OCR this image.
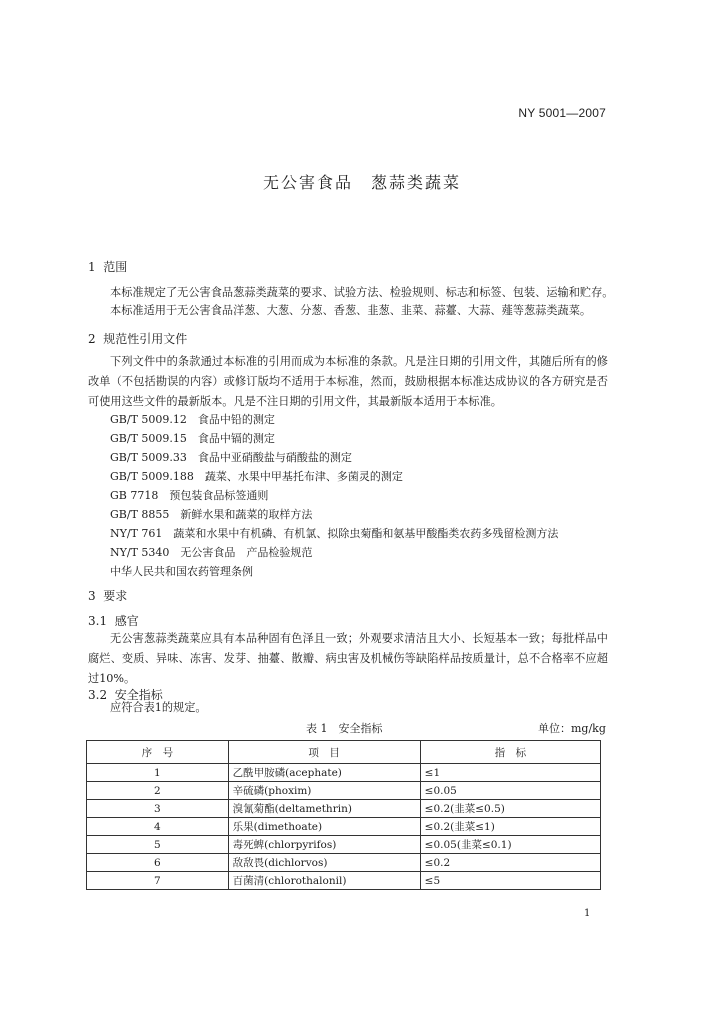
NY 5001—2007
无公害食品　葱蒜类蔬菜
1 范围
本标准规定了无公害食品葱蒜类蔬菜的要求、试验方法、检验规则、标志和标签、包装、运输和贮存。
本标准适用于无公害食品洋葱、大葱、分葱、香葱、韭葱、韭菜、蒜薹、大蒜、薤等葱蒜类蔬菜。
2 规范性引用文件
下列文件中的条款通过本标准的引用而成为本标准的条款。凡是注日期的引用文件，其随后所有的修改单（不包括勘误的内容）或修订版均不适用于本标准，然而，鼓励根据本标准达成协议的各方研究是否可使用这些文件的最新版本。凡是不注日期的引用文件，其最新版本适用于本标准。
GB/T 5009.12　食品中铅的测定
GB/T 5009.15　食品中镉的测定
GB/T 5009.33　食品中亚硝酸盐与硝酸盐的测定
GB/T 5009.188　蔬菜、水果中甲基托布津、多菌灵的测定
GB 7718　预包装食品标签通则
GB/T 8855　新鲜水果和蔬菜的取样方法
NY/T 761　蔬菜和水果中有机磷、有机氯、拟除虫菊酯和氨基甲酸酯类农药多残留检测方法
NY/T 5340　无公害食品　产品检验规范
中华人民共和国农药管理条例
3 要求
3.1 感官
无公害葱蒜类蔬菜应具有本品种固有色泽且一致；外观要求清洁且大小、长短基本一致；每批样品中腐烂、变质、异味、冻害、发芽、抽薹、散瓣、病虫害及机械伤等缺陷样品按质量计，总不合格率不应超过10%。
3.2 安全指标
应符合表1的规定。
表 1　安全指标	单位：mg/kg
序　号	项　目	指　标
1	乙酰甲胺磷(acephate)	≤1
2	辛硫磷(phoxim)	≤0.05
3	溴氰菊酯(deltamethrin)	≤0.2(韭菜≤0.5)
4	乐果(dimethoate)	≤0.2(韭菜≤1)
5	毒死蜱(chlorpyrifos)	≤0.05(韭菜≤0.1)
6	敌敌畏(dichlorvos)	≤0.2
7	百菌清(chlorothalonil)	≤5
1
